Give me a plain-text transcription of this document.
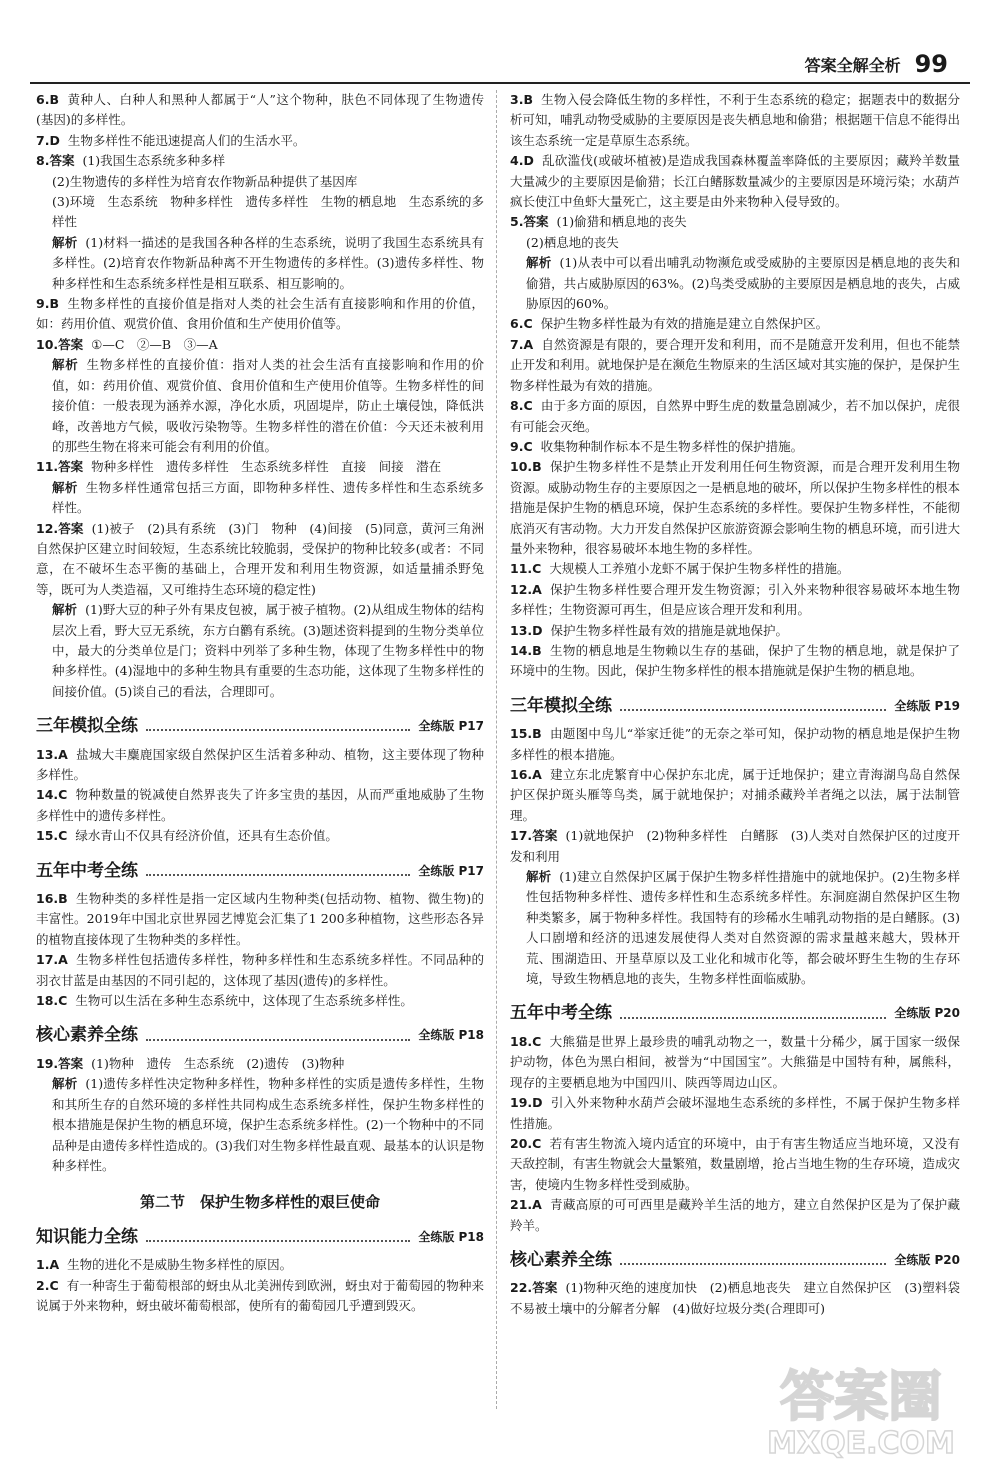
答案全解全析 99

6.B 黄种人、白种人和黑种人都属于“人”这个物种，肤色不同体现了生物遗传(基因)的多样性。

7.D 生物多样性不能迅速提高人们的生活水平。

8.答案 (1)我国生态系统多种多样

(2)生物遗传的多样性为培育农作物新品种提供了基因库

(3)环境　生态系统　物种多样性　遗传多样性　生物的栖息地　生态系统的多样性

解析 (1)材料一描述的是我国各种各样的生态系统，说明了我国生态系统具有多样性。(2)培育农作物新品种离不开生物遗传的多样性。(3)遗传多样性、物种多样性和生态系统多样性是相互联系、相互影响的。

9.B 生物多样性的直接价值是指对人类的社会生活有直接影响和作用的价值，如：药用价值、观赏价值、食用价值和生产使用价值等。

10.答案 ①—C　②—B　③—A

解析 生物多样性的直接价值：指对人类的社会生活有直接影响和作用的价值，如：药用价值、观赏价值、食用价值和生产使用价值等。生物多样性的间接价值：一般表现为涵养水源，净化水质，巩固堤岸，防止土壤侵蚀，降低洪峰，改善地方气候，吸收污染物等。生物多样性的潜在价值：今天还未被利用的那些生物在将来可能会有利用的价值。

11.答案 物种多样性　遗传多样性　生态系统多样性　直接　间接　潜在

解析 生物多样性通常包括三方面，即物种多样性、遗传多样性和生态系统多样性。

12.答案 (1)被子　(2)具有系统　(3)门　物种　(4)间接　(5)同意，黄河三角洲自然保护区建立时间较短，生态系统比较脆弱，受保护的物种比较多(或者：不同意，在不破坏生态平衡的基础上，合理开发和利用生物资源，如适量捕杀野兔等，既可为人类造福，又可维持生态环境的稳定性)

解析 (1)野大豆的种子外有果皮包被，属于被子植物。(2)从组成生物体的结构层次上看，野大豆无系统，东方白鹳有系统。(3)题述资料提到的生物分类单位中，最大的分类单位是门；资料中列举了多种生物，体现了生物多样性中的物种多样性。(4)湿地中的多种生物具有重要的生态功能，这体现了生物多样性的间接价值。(5)谈自己的看法，合理即可。

三年模拟全练	全练版 P17

13.A 盐城大丰麋鹿国家级自然保护区生活着多种动、植物，这主要体现了物种多样性。

14.C 物种数量的锐减使自然界丧失了许多宝贵的基因，从而严重地威胁了生物多样性中的遗传多样性。

15.C 绿水青山不仅具有经济价值，还具有生态价值。

五年中考全练	全练版 P17

16.B 生物种类的多样性是指一定区域内生物种类(包括动物、植物、微生物)的丰富性。2019年中国北京世界园艺博览会汇集了1 200多种植物，这些形态各异的植物直接体现了生物种类的多样性。

17.A 生物多样性包括遗传多样性，物种多样性和生态系统多样性。不同品种的羽衣甘蓝是由基因的不同引起的，这体现了基因(遗传)的多样性。

18.C 生物可以生活在多种生态系统中，这体现了生态系统多样性。

核心素养全练	全练版 P18

19.答案 (1)物种　遗传　生态系统　(2)遗传　(3)物种

解析 (1)遗传多样性决定物种多样性，物种多样性的实质是遗传多样性，生物和其所生存的自然环境的多样性共同构成生态系统多样性，保护生物多样性的根本措施是保护生物的栖息环境，保护生态系统多样性。(2)一个物种中的不同品种是由遗传多样性造成的。(3)我们对生物多样性最直观、最基本的认识是物种多样性。

第二节　保护生物多样性的艰巨使命
知识能力全练	全练版 P18

1.A 生物的进化不是威胁生物多样性的原因。

2.C 有一种寄生于葡萄根部的蚜虫从北美洲传到欧洲，蚜虫对于葡萄园的物种来说属于外来物种，蚜虫破坏葡萄根部，使所有的葡萄园几乎遭到毁灭。

3.B 生物入侵会降低生物的多样性，不利于生态系统的稳定；据题表中的数据分析可知，哺乳动物受威胁的主要原因是丧失栖息地和偷猎；根据题干信息不能得出该生态系统一定是草原生态系统。

4.D 乱砍滥伐(或破坏植被)是造成我国森林覆盖率降低的主要原因；藏羚羊数量大量减少的主要原因是偷猎；长江白鳍豚数量减少的主要原因是环境污染；水葫芦疯长使江中鱼虾大量死亡，这主要是由外来物种入侵导致的。

5.答案 (1)偷猎和栖息地的丧失

(2)栖息地的丧失

解析 (1)从表中可以看出哺乳动物濒危或受威胁的主要原因是栖息地的丧失和偷猎，共占威胁原因的63%。(2)鸟类受威胁的主要原因是栖息地的丧失，占威胁原因的60%。

6.C 保护生物多样性最为有效的措施是建立自然保护区。

7.A 自然资源是有限的，要合理开发和利用，而不是随意开发利用，但也不能禁止开发和利用。就地保护是在濒危生物原来的生活区域对其实施的保护，是保护生物多样性最为有效的措施。

8.C 由于多方面的原因，自然界中野生虎的数量急剧减少，若不加以保护，虎很有可能会灭绝。

9.C 收集物种制作标本不是生物多样性的保护措施。

10.B 保护生物多样性不是禁止开发利用任何生物资源，而是合理开发利用生物资源。威胁动物生存的主要原因之一是栖息地的破坏，所以保护生物多样性的根本措施是保护生物的栖息环境，保护生态系统的多样性。要保护生物多样性，不能彻底消灭有害动物。大力开发自然保护区旅游资源会影响生物的栖息环境，而引进大量外来物种，很容易破坏本地生物的多样性。

11.C 大规模人工养殖小龙虾不属于保护生物多样性的措施。

12.A 保护生物多样性要合理开发生物资源；引入外来物种很容易破坏本地生物多样性；生物资源可再生，但是应该合理开发和利用。

13.D 保护生物多样性最有效的措施是就地保护。

14.B 生物的栖息地是生物赖以生存的基础，保护了生物的栖息地，就是保护了环境中的生物。因此，保护生物多样性的根本措施就是保护生物的栖息地。

三年模拟全练	全练版 P19

15.B 由题图中鸟儿“举家迁徙”的无奈之举可知，保护动物的栖息地是保护生物多样性的根本措施。

16.A 建立东北虎繁育中心保护东北虎，属于迁地保护；建立青海湖鸟岛自然保护区保护斑头雁等鸟类，属于就地保护；对捕杀藏羚羊者绳之以法，属于法制管理。

17.答案 (1)就地保护　(2)物种多样性　白鳍豚　(3)人类对自然保护区的过度开发和利用

解析 (1)建立自然保护区属于保护生物多样性措施中的就地保护。(2)生物多样性包括物种多样性、遗传多样性和生态系统多样性。东洞庭湖自然保护区生物种类繁多，属于物种多样性。我国特有的珍稀水生哺乳动物指的是白鳍豚。(3)人口剧增和经济的迅速发展使得人类对自然资源的需求量越来越大，毁林开荒、围湖造田、开垦草原以及工业化和城市化等，都会破坏野生生物的生存环境，导致生物栖息地的丧失，生物多样性面临威胁。

五年中考全练	全练版 P20

18.C 大熊猫是世界上最珍贵的哺乳动物之一，数量十分稀少，属于国家一级保护动物，体色为黑白相间，被誉为“中国国宝”。大熊猫是中国特有种，属熊科，现存的主要栖息地为中国四川、陕西等周边山区。

19.D 引入外来物种水葫芦会破坏湿地生态系统的多样性，不属于保护生物多样性措施。

20.C 若有害生物流入境内适宜的环境中，由于有害生物适应当地环境，又没有天敌控制，有害生物就会大量繁殖，数量剧增，抢占当地生物的生存环境，造成灾害，使境内生物多样性受到威胁。

21.A 青藏高原的可可西里是藏羚羊生活的地方，建立自然保护区是为了保护藏羚羊。

核心素养全练	全练版 P20

22.答案 (1)物种灭绝的速度加快　(2)栖息地丧失　建立自然保护区　(3)塑料袋不易被土壤中的分解者分解　(4)做好垃圾分类(合理即可)

答案圈
MXQE.COM
